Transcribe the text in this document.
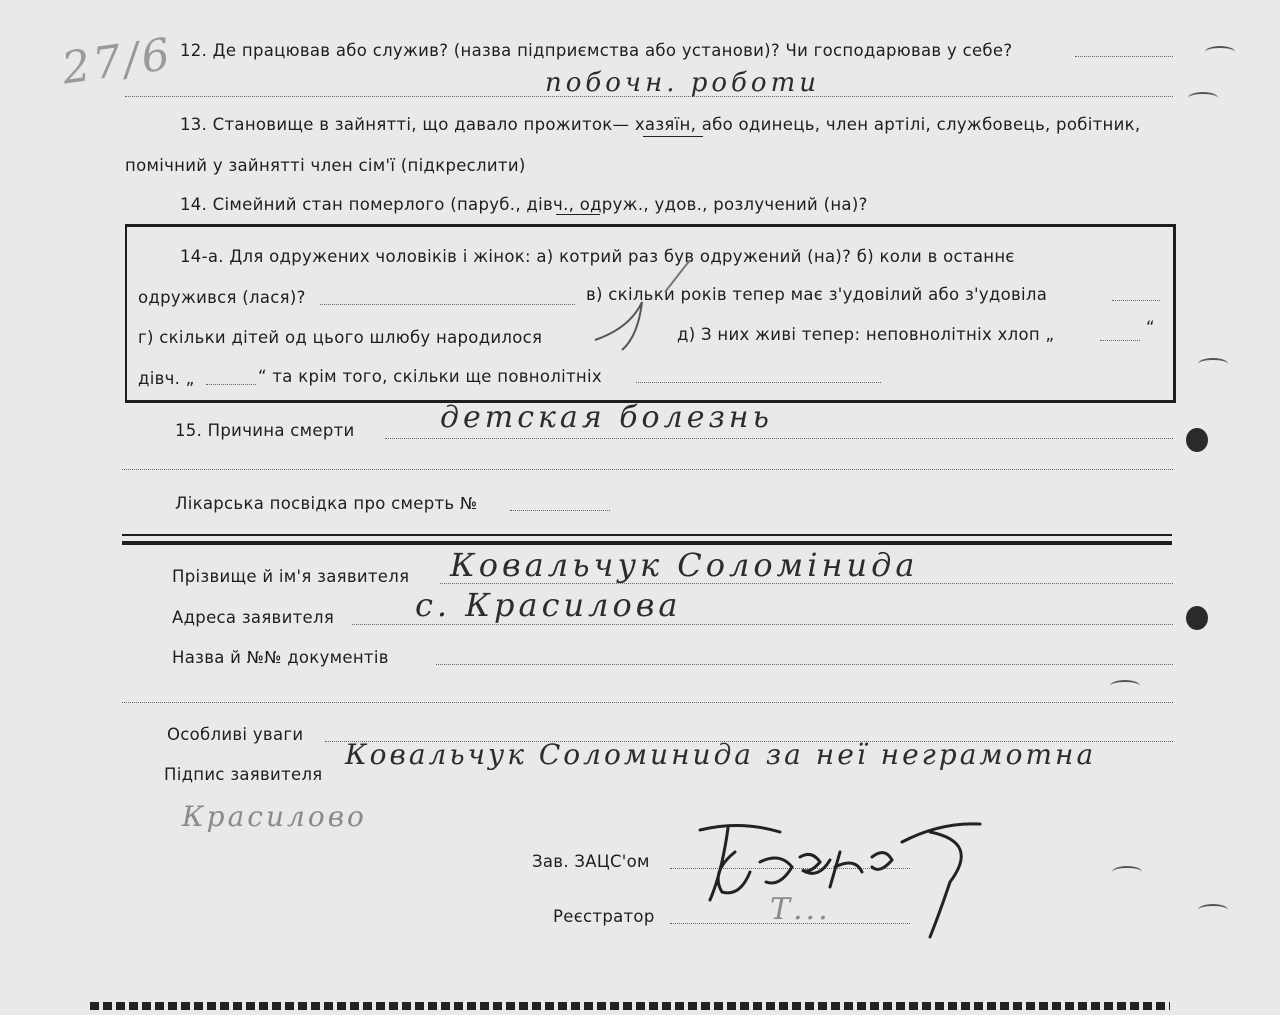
27/6 12. Де працював або служив? (назва підприємства або установи)? Чи господарював у себе?
побочн. роботи
13. Становище в зайнятті, що давало прожиток— хазяїн, або одинець, член артілі, службовець, робітник,
помічний у зайнятті член сім'ї (підкреслити)
14. Сімейний стан померлого (паруб., дівч., одруж., удов., розлучений (на)?
14-а. Для одружених чоловіків і жінок: а) котрий раз був одружений (на)? б) коли в останнє
одружився (лася)?	в) скільки років тепер має з'удовілий або з'удовіла
г) скільки дітей од цього шлюбу народилося	д) З них живі тепер: неповнолітніх хлоп „	“
дівч. „	“ та крім того, скільки ще повнолітніх
15. Причина смерти	детская болезнь
Лікарська посвідка про смерть №
Прізвище й ім'я заявителя Ковальчук Соломінида
Адреса заявителя	с. Красилова
Назва й №№ документів
Особливі уваги
Підпис заявителя
Ковальчук Соломинида за неї неграмотна
Красилово
Зав. ЗАЦС'ом
Реєстратор	Т...
